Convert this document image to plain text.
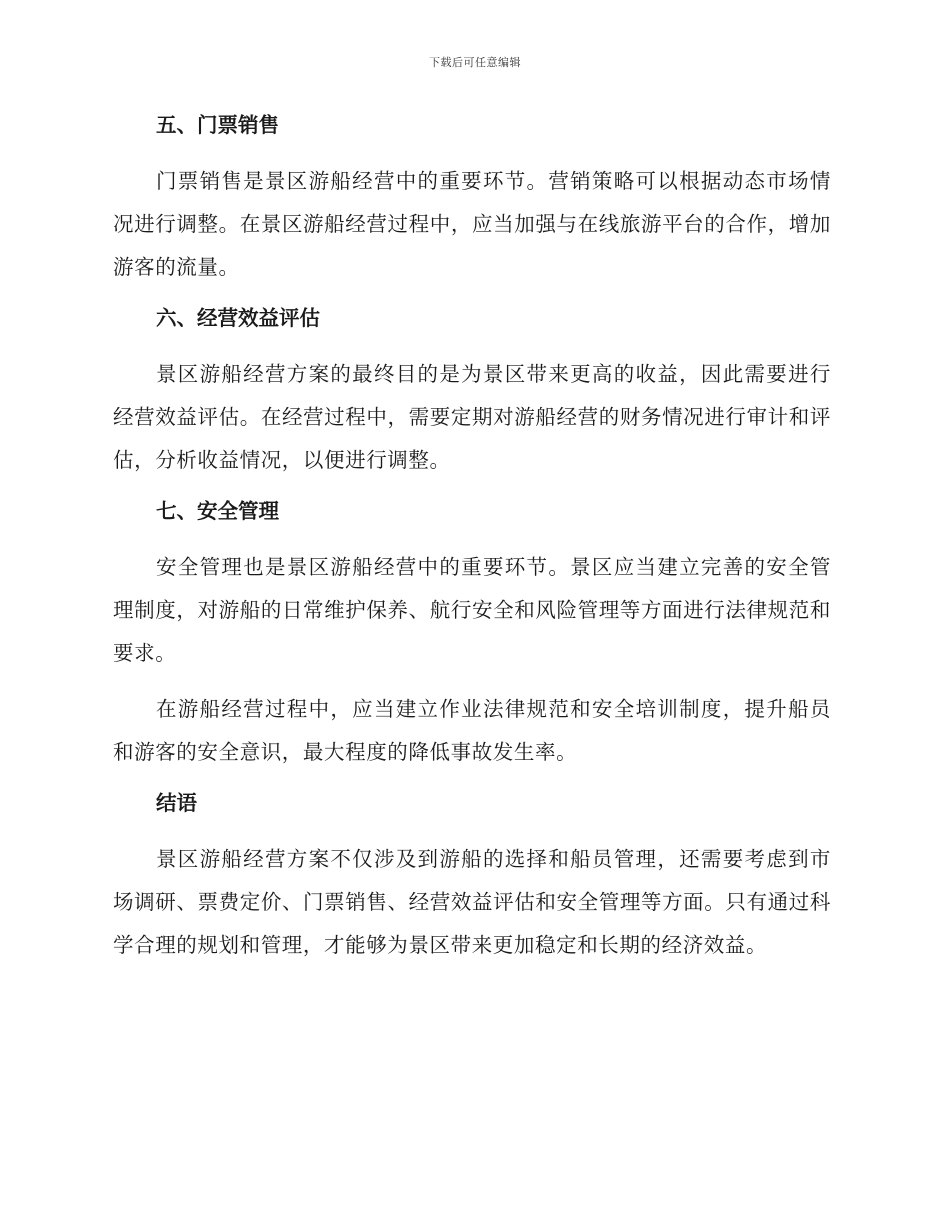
下载后可任意编辑
五、门票销售

门票销售是景区游船经营中的重要环节。营销策略可以根据动态市场情况进行调整。在景区游船经营过程中，应当加强与在线旅游平台的合作，增加游客的流量。

六、经营效益评估

景区游船经营方案的最终目的是为景区带来更高的收益，因此需要进行经营效益评估。在经营过程中，需要定期对游船经营的财务情况进行审计和评估，分析收益情况，以便进行调整。

七、安全管理

安全管理也是景区游船经营中的重要环节。景区应当建立完善的安全管理制度，对游船的日常维护保养、航行安全和风险管理等方面进行法律规范和要求。

在游船经营过程中，应当建立作业法律规范和安全培训制度，提升船员和游客的安全意识，最大程度的降低事故发生率。

结语

景区游船经营方案不仅涉及到游船的选择和船员管理，还需要考虑到市场调研、票费定价、门票销售、经营效益评估和安全管理等方面。只有通过科学合理的规划和管理，才能够为景区带来更加稳定和长期的经济效益。
